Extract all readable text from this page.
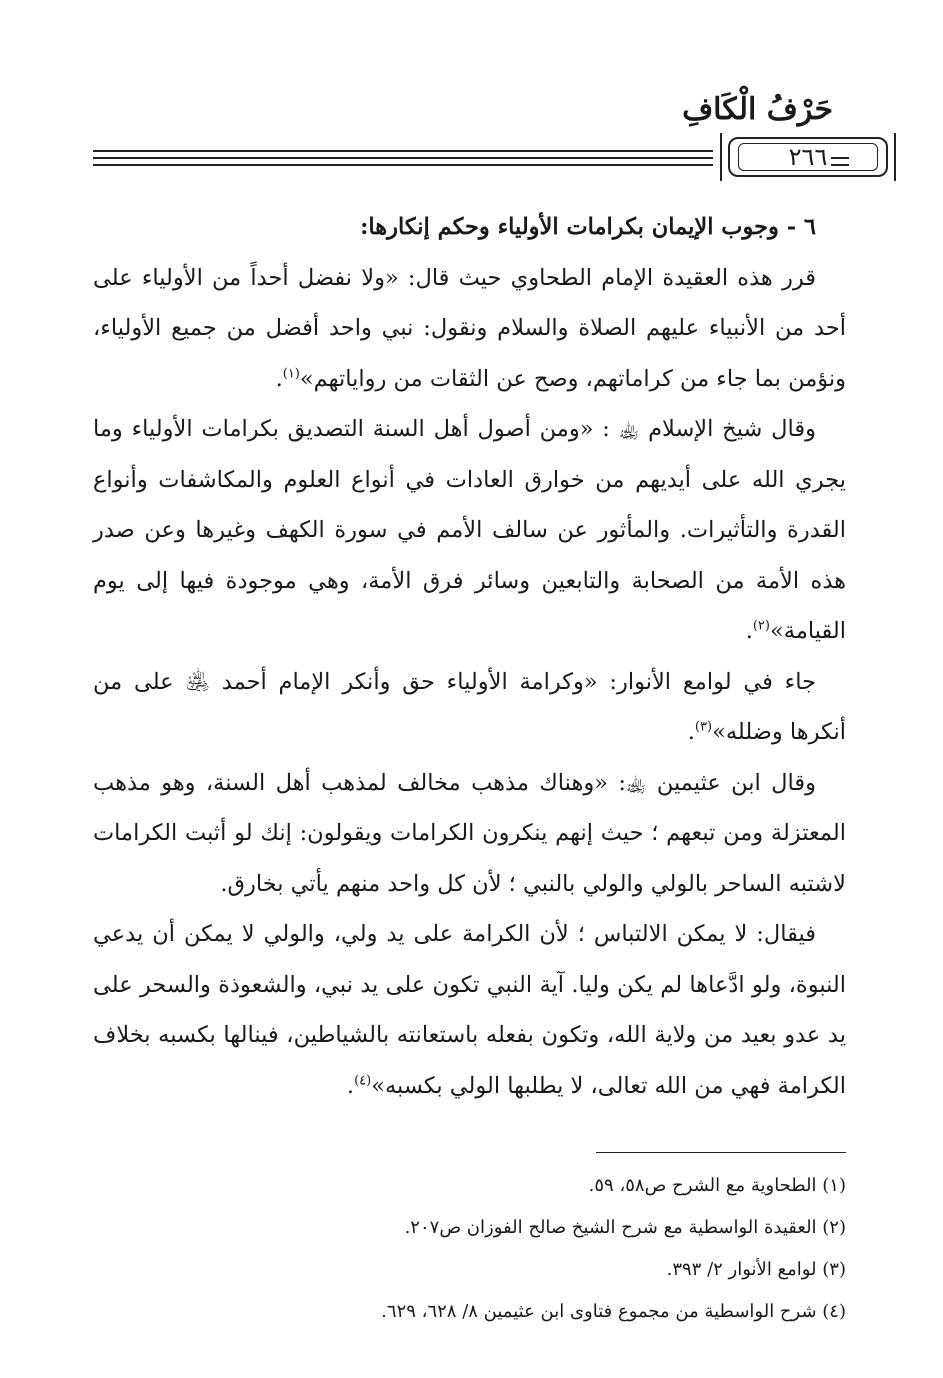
حَرْفُ الْكَافِ
٢٦٦

٦ - وجوب الإيمان بكرامات الأولياء وحكم إنكارها:

قرر هذه العقيدة الإمام الطحاوي حيث قال: «ولا نفضل أحداً من الأولياء على أحد من الأنبياء عليهم الصلاة والسلام ونقول: نبي واحد أفضل من جميع الأولياء، ونؤمن بما جاء من كراماتهم، وصح عن الثقات من رواياتهم»$^{(١)}$.

وقال شيخ الإسلام ﵀ : «ومن أصول أهل السنة التصديق بكرامات الأولياء وما يجري الله على أيديهم من خوارق العادات في أنواع العلوم والمكاشفات وأنواع القدرة والتأثيرات. والمأثور عن سالف الأمم في سورة الكهف وغيرها وعن صدر هذه الأمة من الصحابة والتابعين وسائر فرق الأمة، وهي موجودة فيها إلى يوم القيامة»$^{(٢)}$.

جاء في لوامع الأنوار: «وكرامة الأولياء حق وأنكر الإمام أحمد ﵁ على من أنكرها وضلله»$^{(٣)}$.

وقال ابن عثيمين ﵀: «وهناك مذهب مخالف لمذهب أهل السنة، وهو مذهب المعتزلة ومن تبعهم ؛ حيث إنهم ينكرون الكرامات ويقولون: إنك لو أثبت الكرامات لاشتبه الساحر بالولي والولي بالنبي ؛ لأن كل واحد منهم يأتي بخارق.

فيقال: لا يمكن الالتباس ؛ لأن الكرامة على يد ولي، والولي لا يمكن أن يدعي النبوة، ولو ادَّعاها لم يكن وليا. آية النبي تكون على يد نبي، والشعوذة والسحر على يد عدو بعيد من ولاية الله، وتكون بفعله باستعانته بالشياطين، فينالها بكسبه بخلاف الكرامة فهي من الله تعالى، لا يطلبها الولي بكسبه»$^{(٤)}$.

(١) الطحاوية مع الشرح ص٥٨، ٥٩.

(٢) العقيدة الواسطية مع شرح الشيخ صالح الفوزان ص٢٠٧.

(٣) لوامع الأنوار ٢/ ٣٩٣.

(٤) شرح الواسطية من مجموع فتاوى ابن عثيمين ٨/ ٦٢٨، ٦٢٩.
